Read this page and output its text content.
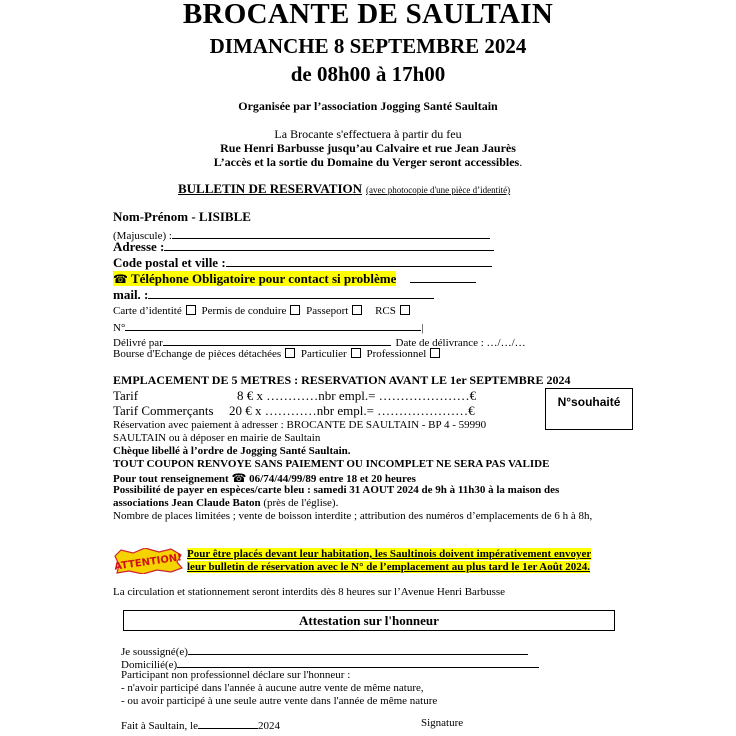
BROCANTE DE SAULTAIN
DIMANCHE 8 SEPTEMBRE 2024
de 08h00 à 17h00
Organisée par l’association Jogging Santé Saultain
La Brocante s'effectuera à partir du feu
Rue Henri Barbusse jusqu’au Calvaire et rue Jean Jaurès
L’accès et la sortie du Domaine du Verger seront accessibles.
BULLETIN DE RESERVATION (avec photocopie d'une pièce d’identité)
Nom-Prénom - LISIBLE
(Majuscule) :
Adresse :
Code postal et ville :
☎ Téléphone Obligatoire pour contact si problème
mail. :
Carte d’identité Permis de conduire Passeport RCS
N°	|
Délivré par	Date de délivrance : …/…/…
Bourse d'Echange de pièces détachées Particulier Professionnel
EMPLACEMENT DE 5 METRES : RESERVATION AVANT LE 1er SEPTEMBRE 2024
Tarif	8 € x …………nbr empl.= …………………€
Tarif Commerçants 20 € x …………nbr empl.= …………………€
N°souhaité
Réservation avec paiement à adresser : BROCANTE DE SAULTAIN - BP 4 - 59990
SAULTAIN ou à déposer en mairie de Saultain
Chèque libellé à l’ordre de Jogging Santé Saultain.
TOUT COUPON RENVOYE SANS PAIEMENT OU INCOMPLET NE SERA PAS VALIDE
Pour tout renseignement ☎ 06/74/44/99/89 entre 18 et 20 heures
Possibilité de payer en espèces/carte bleu : samedi 31 AOUT 2024 de 9h à 11h30 à la maison des
associations Jean Claude Baton (près de l'église).
Nombre de places limitées ; vente de boisson interdite ; attribution des numéros d’emplacements de 6 h à 8h,
ATTENTION! Pour être placés devant leur habitation, les Saultinois doivent impérativement envoyer
leur bulletin de réservation avec le N° de l’emplacement au plus tard le 1er Août 2024.
La circulation et stationnement seront interdits dès 8 heures sur l’Avenue Henri Barbusse
Attestation sur l'honneur
Je soussigné(e)
Domicilié(e)
Participant non professionnel déclare sur l'honneur :
- n'avoir participé dans l'année à aucune autre vente de même nature,
- ou avoir participé à une seule autre vente dans l'année de même nature
Fait à Saultain, le	2024	Signature
